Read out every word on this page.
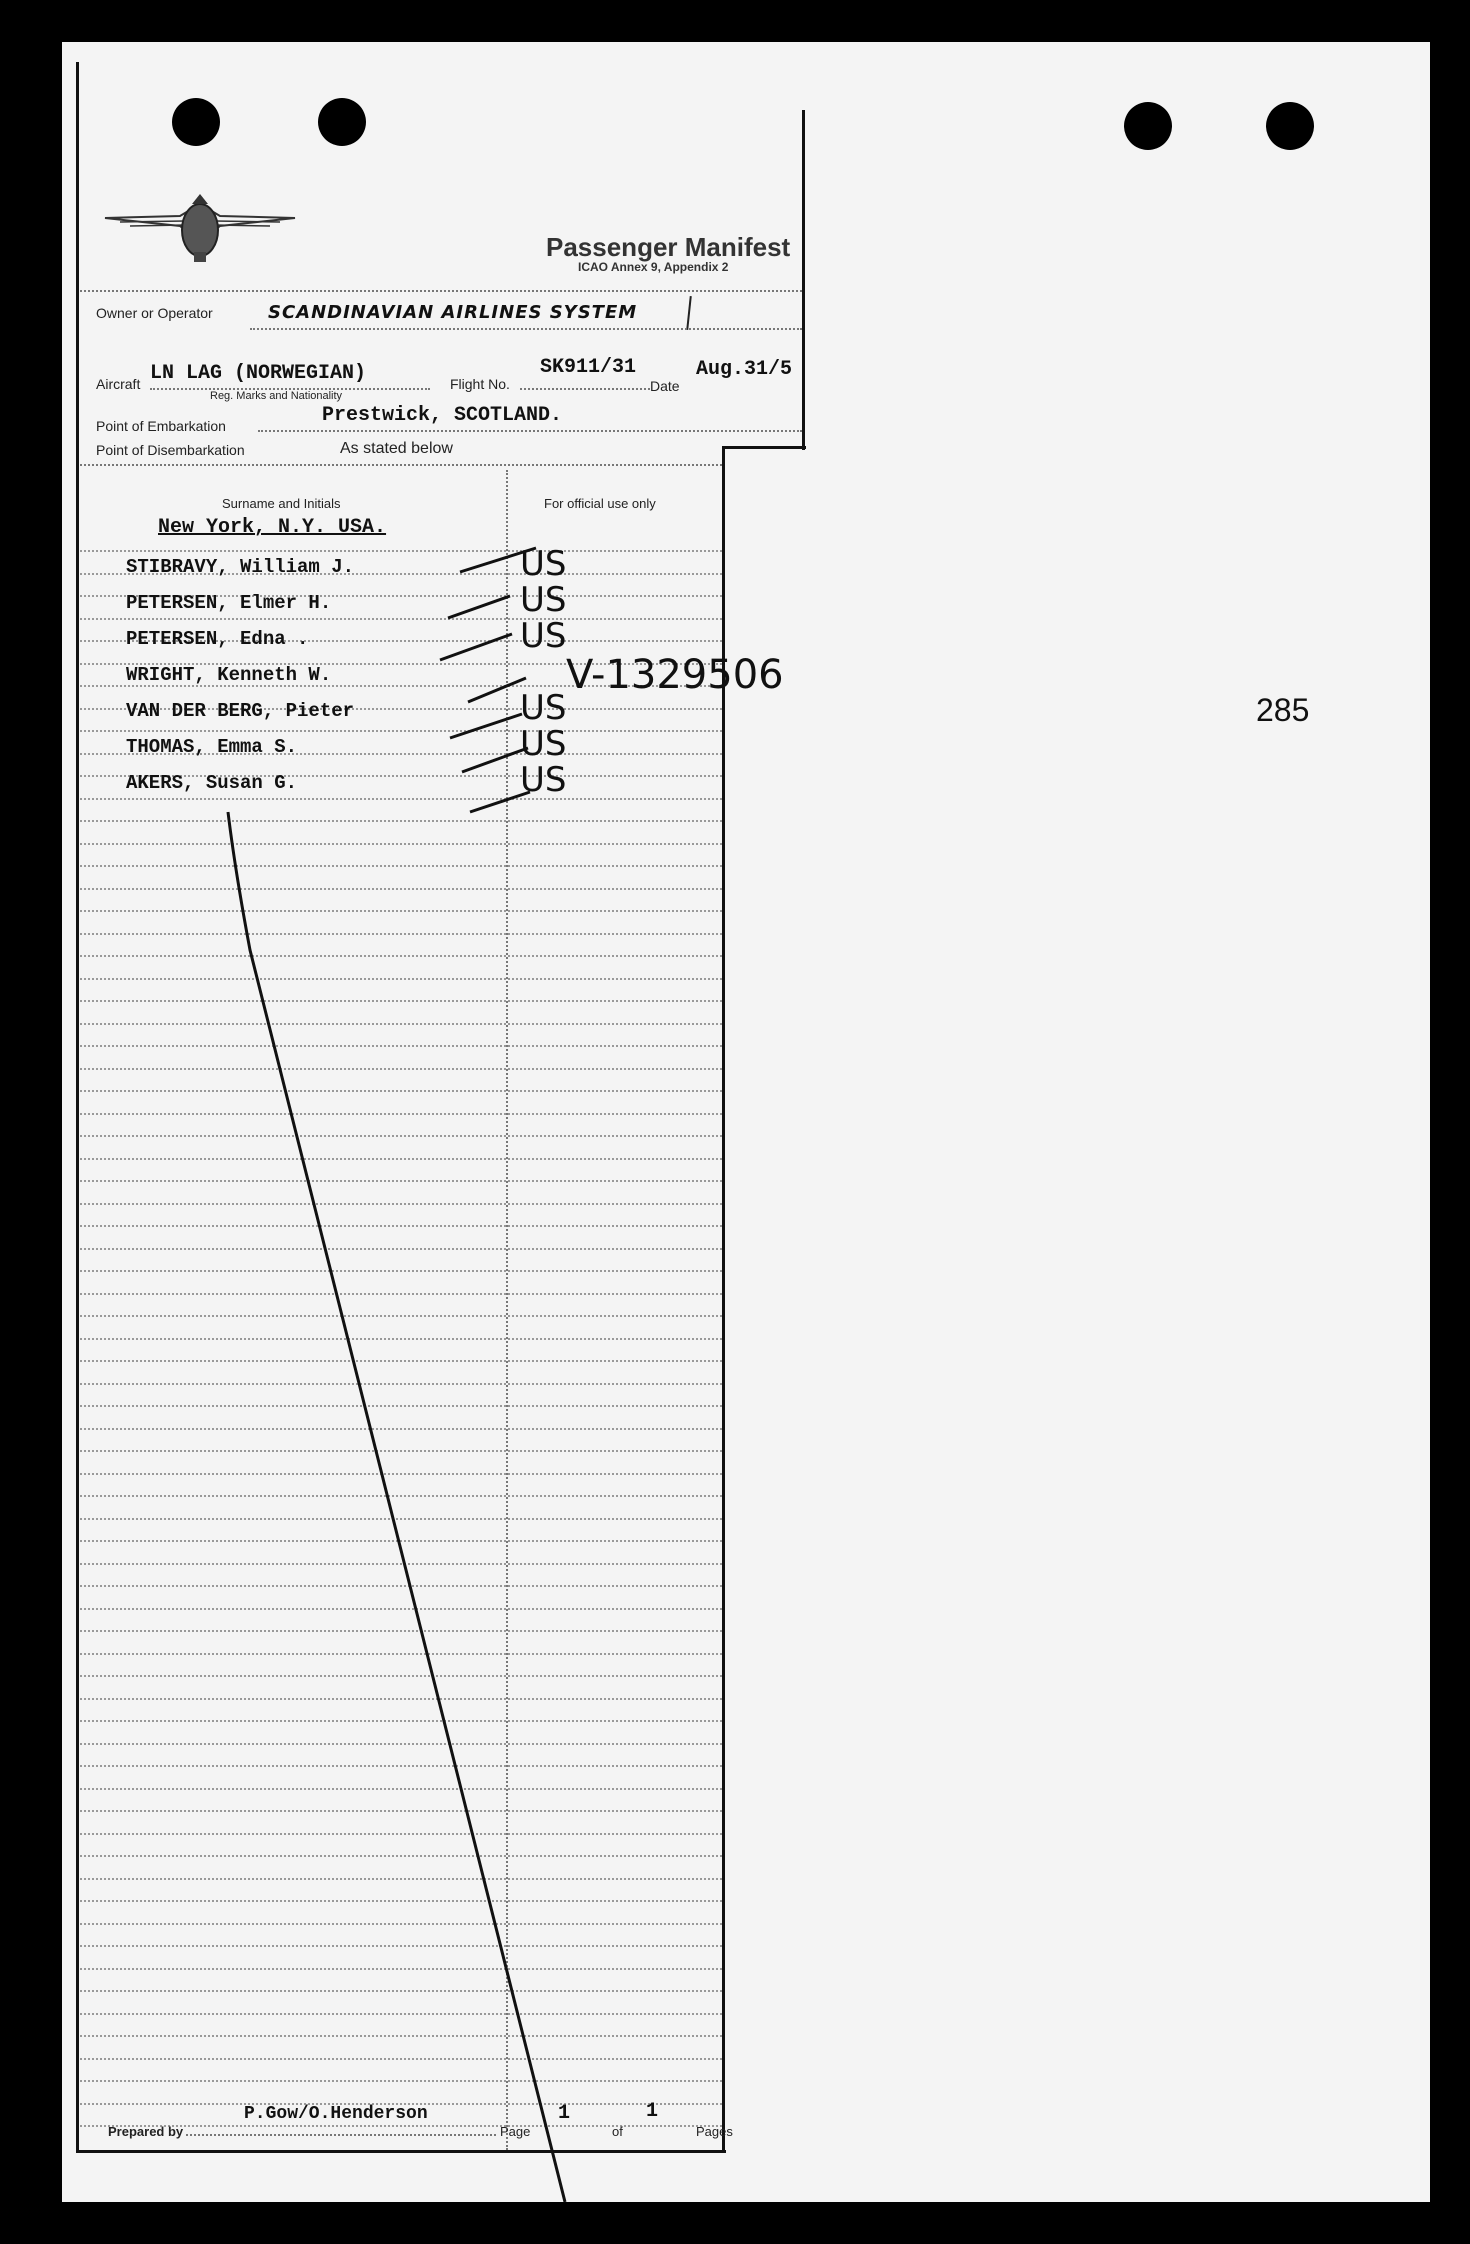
Passenger Manifest
ICAO Annex 9, Appendix 2
Owner or Operator	SCANDINAVIAN AIRLINES SYSTEM
Aircraft LN LAG (NORWEGIAN)
Reg. Marks and Nationality
Flight No.
SK911/31
Date
Aug.31/5
Point of Embarkation	Prestwick, SCOTLAND.
Point of Disembarkation	As stated below
Surname and Initials	For official use only
New York, N.Y. USA.
STIBRAVY, William J.	US
PETERSEN, Elmer H.	US
PETERSEN, Edna .	US
WRIGHT, Kenneth W.	V-1329506
VAN DER BERG, Pieter	US
THOMAS, Emma S.	US
AKERS, Susan G.	US
285
Prepared by
P.Gow/O.Henderson
Page
1
of
1
Pages
